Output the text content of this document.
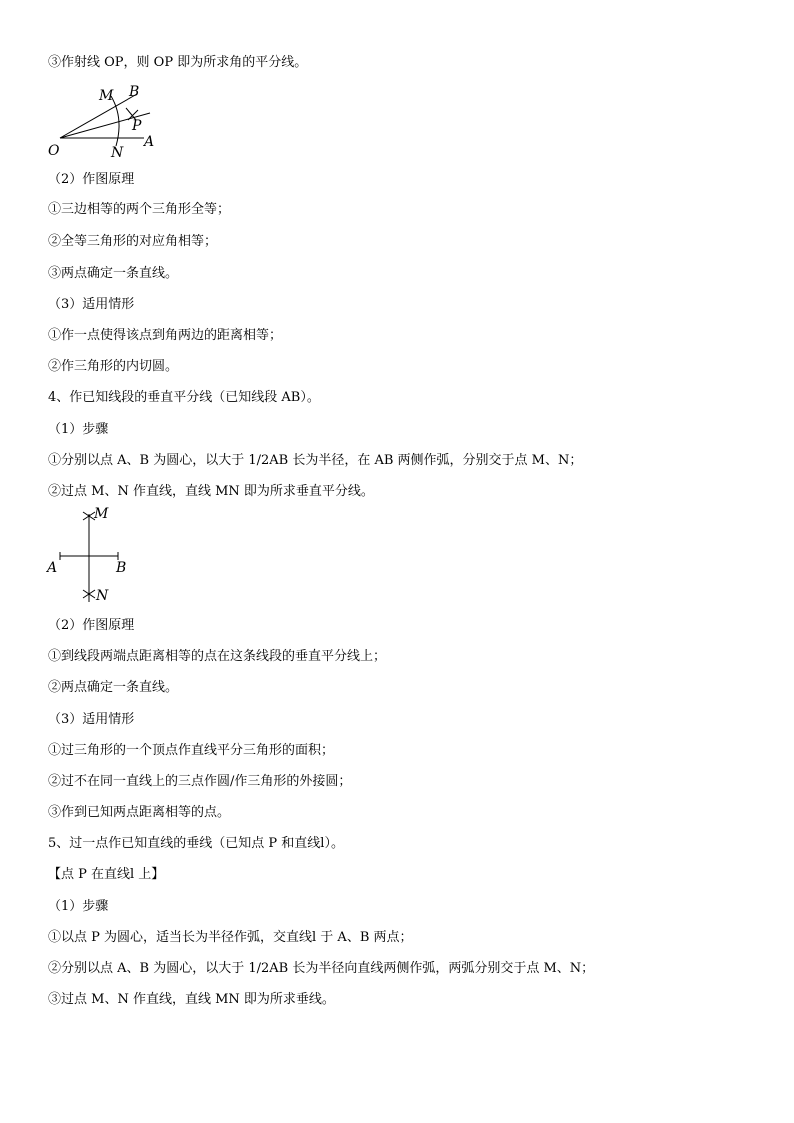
③作射线 OP，则 OP 即为所求角的平分线。
O	N
A
M B
P
（2）作图原理
①三边相等的两个三角形全等；
②全等三角形的对应角相等；
③两点确定一条直线。
（3）适用情形
①作一点使得该点到角两边的距离相等；
②作三角形的内切圆。
4、作已知线段的垂直平分线（已知线段 AB）。
（1）步骤
①分别以点 A、B 为圆心，以大于 1/2AB 长为半径，在 AB 两侧作弧，分别交于点 M、N；
②过点 M、N 作直线，直线 MN 即为所求垂直平分线。
M
A	B
N
（2）作图原理
①到线段两端点距离相等的点在这条线段的垂直平分线上；
②两点确定一条直线。
（3）适用情形
①过三角形的一个顶点作直线平分三角形的面积；
②过不在同一直线上的三点作圆/作三角形的外接圆；
③作到已知两点距离相等的点。
5、过一点作已知直线的垂线（已知点 P 和直线l）。
【点 P 在直线l 上】
（1）步骤
①以点 P 为圆心，适当长为半径作弧，交直线l 于 A、B 两点；
②分别以点 A、B 为圆心，以大于 1/2AB 长为半径向直线两侧作弧，两弧分别交于点 M、N；
③过点 M、N 作直线，直线 MN 即为所求垂线。
